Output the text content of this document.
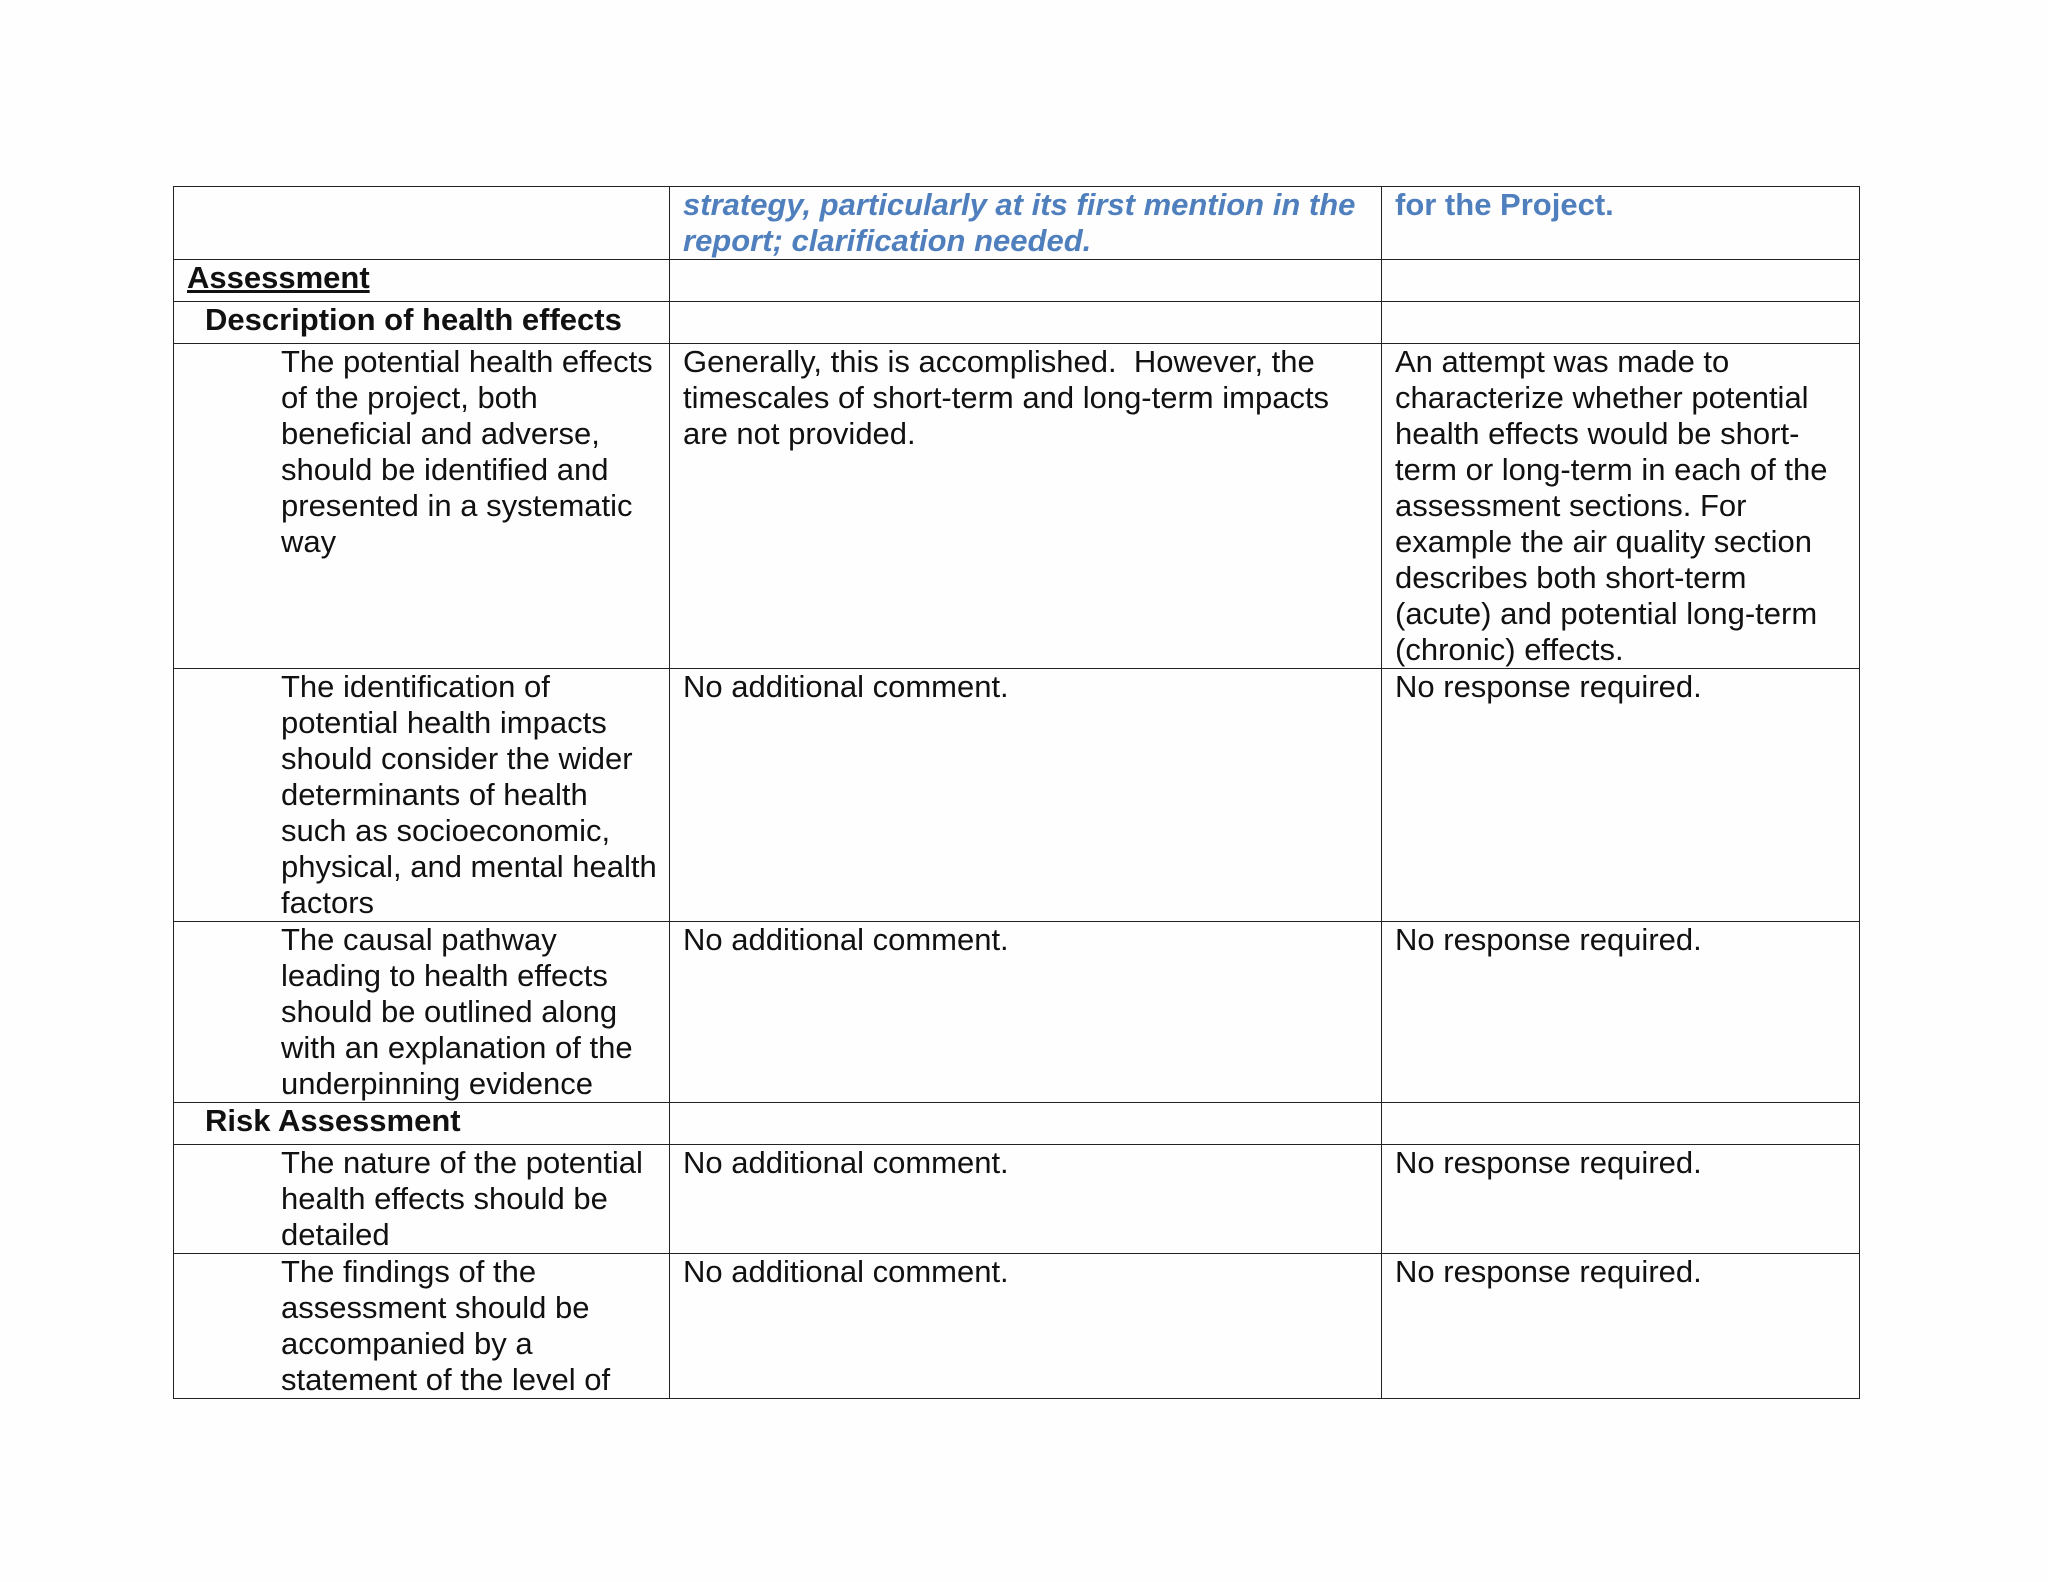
	strategy, particularly at its first mention in the report; clarification needed.	for the Project.

Assessment		

Description of health effects		

The potential health effects of the project, both beneficial and adverse, should be identified and presented in a systematic way	Generally, this is accomplished.  However, the timescales of short-term and long-term impacts are not provided.	An attempt was made to characterize whether potential health effects would be short-term or long-term in each of the assessment sections. For example the air quality section describes both short-term (acute) and potential long-term (chronic) effects.

The identification of potential health impacts should consider the wider determinants of health such as socioeconomic, physical, and mental health factors	No additional comment.	No response required.

The causal pathway leading to health effects should be outlined along with an explanation of the underpinning evidence	No additional comment.	No response required.

Risk Assessment		

The nature of the potential health effects should be detailed	No additional comment.	No response required.

The findings of the assessment should be accompanied by a statement of the level of	No additional comment.	No response required.
